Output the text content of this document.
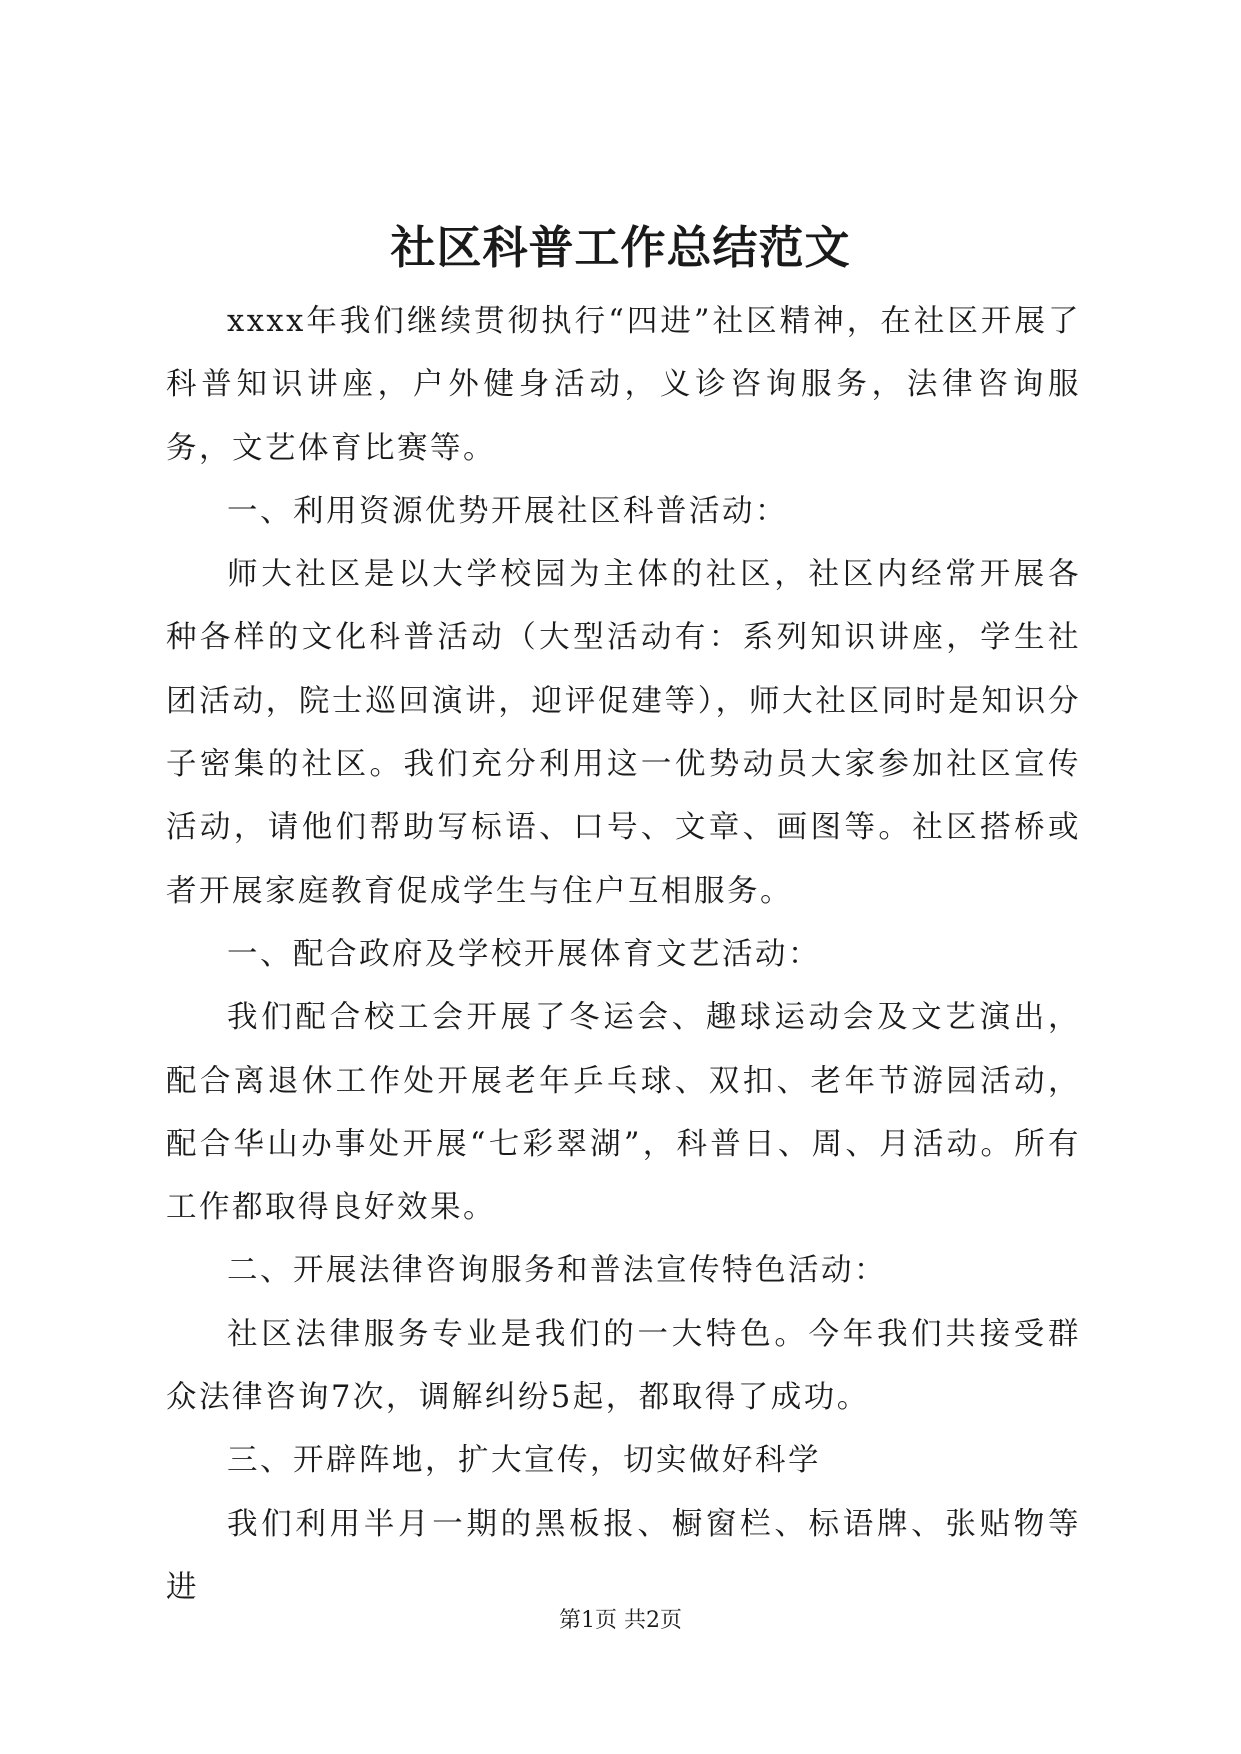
社区科普工作总结范文

xxxx年我们继续贯彻执行“四进”社区精神，在社区开展了科普知识讲座，户外健身活动，义诊咨询服务，法律咨询服务，文艺体育比赛等。

一、利用资源优势开展社区科普活动：

师大社区是以大学校园为主体的社区，社区内经常开展各种各样的文化科普活动（大型活动有：系列知识讲座，学生社团活动，院士巡回演讲，迎评促建等），师大社区同时是知识分子密集的社区。我们充分利用这一优势动员大家参加社区宣传活动，请他们帮助写标语、口号、文章、画图等。社区搭桥或者开展家庭教育促成学生与住户互相服务。

一、配合政府及学校开展体育文艺活动：

我们配合校工会开展了冬运会、趣球运动会及文艺演出，配合离退休工作处开展老年乒乓球、双扣、老年节游园活动，配合华山办事处开展“七彩翠湖”，科普日、周、月活动。所有工作都取得良好效果。

二、开展法律咨询服务和普法宣传特色活动：

社区法律服务专业是我们的一大特色。今年我们共接受群众法律咨询7次，调解纠纷5起，都取得了成功。

三、开辟阵地，扩大宣传，切实做好科学

我们利用半月一期的黑板报、橱窗栏、标语牌、张贴物等进

第1页 共2页
